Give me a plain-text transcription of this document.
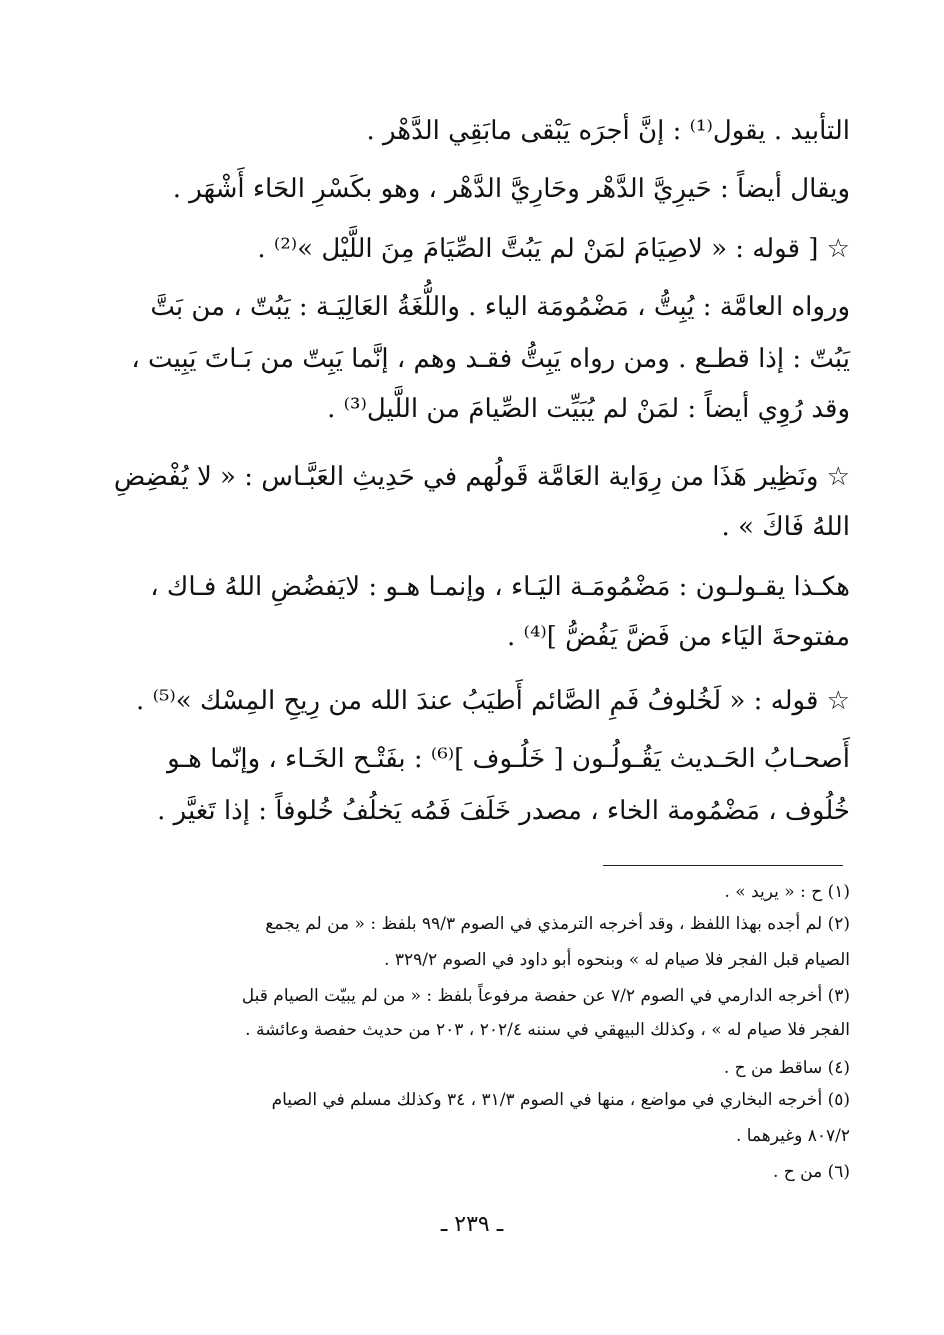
التأبيد . يقول⁽¹⁾ : إنَّ أجرَه يَبْقى مابَقِي الدَّهْر .
ويقال أيضاً : حَيرِيَّ الدَّهْر وحَارِيَّ الدَّهْر ، وهو بكَسْرِ الحَاء أَشْهَر .
☆ [ قوله : « لاصِيَامَ لمَنْ لم يَبُتَّ الصِّيَامَ مِنَ اللَّيْل »⁽²⁾ .
ورواه العامَّة : يُبِتُّ ، مَضْمُومَة الياء . واللُّغَةُ العَالِيَـة : يَبُتّ ، من بَتَّ
يَبُتّ : إذا قطـع . ومن رواه يَبِتُّ فقـد وهم ، إنَّما يَبِتّ من بَـاتَ يَبِيت ،
وقد رُوِي أيضاً : لمَنْ لم يُبَيِّت الصِّيامَ من اللَّيل⁽³⁾ .
☆ ونَظِير هَذَا من رِوَاية العَامَّة قَولُهم في حَدِيثِ العَبَّـاس : « لا يُفْضِضِ
اللهُ فَاكَ » .
هكـذا يقـولـون : مَضْمُومَـة اليَـاء ، وإنمـا هـو : لايَفضُضِ اللهُ فـاك ،
مفتوحةَ اليَاء من فَضَّ يَفُضُّ ]⁽⁴⁾ .
☆ قوله : « لَخُلوفُ فَمِ الصَّائم أَطيَبُ عندَ الله من رِيحِ المِسْك »⁽⁵⁾ .
أَصحـابُ الحَـديث يَقُـولُـون [ خَلُـوف ]⁽⁶⁾ : بفَتْـح الخَـاء ، وإنّما هـو
خُلُوف ، مَضْمُومة الخاء ، مصدر خَلَفَ فَمُه يَخلُفُ خُلوفاً : إذا تَغيَّر .
(١) ح : « يريد » .
(٢) لم أجده بهذا اللفظ ، وقد أخرجه الترمذي في الصوم ٩٩/٣ بلفظ : « من لم يجمع
الصيام قبل الفجر فلا صيام له » وبنحوه أبو داود في الصوم ٣٢٩/٢ .
(٣) أخرجه الدارمي في الصوم ٧/٢ عن حفصة مرفوعاً بلفظ : « من لم يبيّت الصيام قبل
الفجر فلا صيام له » ، وكذلك البيهقي في سننه ٢٠٢/٤ ، ٢٠٣ من حديث حفصة وعائشة .
(٤) ساقط من ح .
(٥) أخرجه البخاري في مواضع ، منها في الصوم ٣١/٣ ، ٣٤ وكذلك مسلم في الصيام
٨٠٧/٢ وغيرهما .
(٦) من ح .
ـ ٢٣٩ ـ
